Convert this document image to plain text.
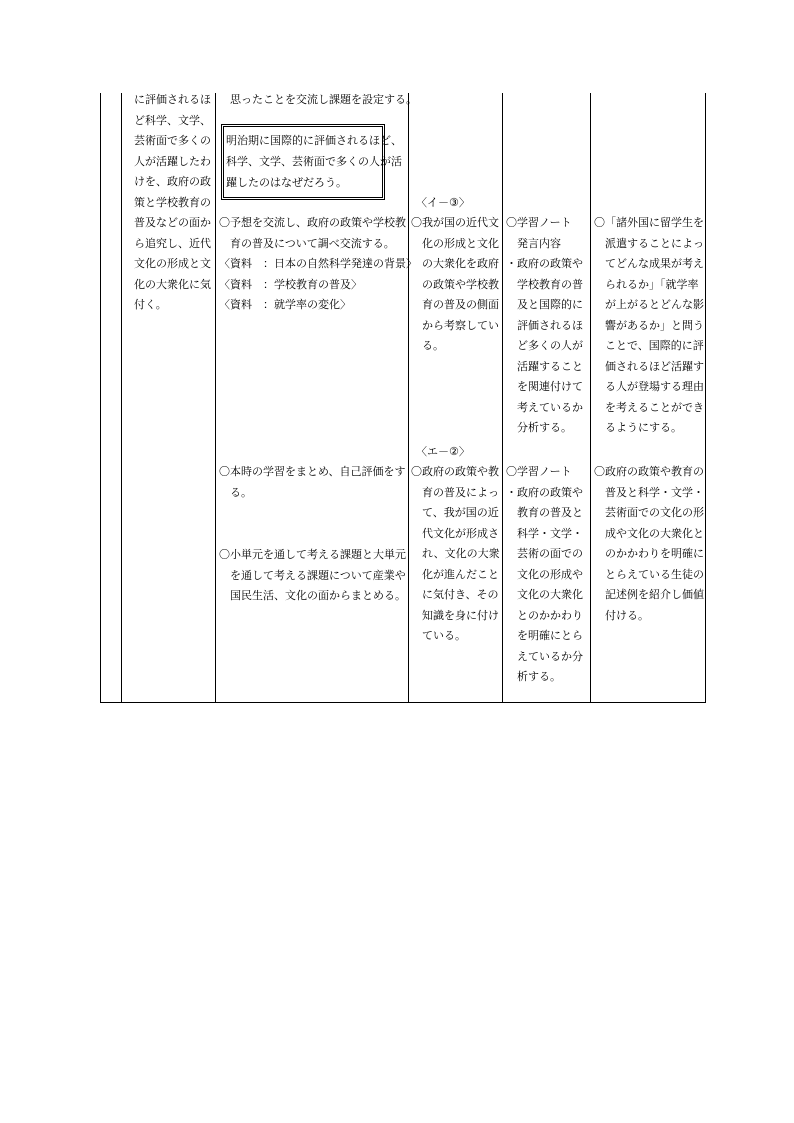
に評価されるほ

ど科学、文学、

芸術面で多くの

人が活躍したわ

けを、政府の政

策と学校教育の

普及などの面か

ら追究し、近代

文化の形成と文

化の大衆化に気

付く。

思ったことを交流し課題を設定する。

明治期に国際的に評価されるほど、

科学、文学、芸術面で多くの人が活

躍したのはなぜだろう。

〇予想を交流し、政府の政策や学校教

育の普及について調べ交流する。

〈資料　：日本の自然科学発達の背景〉

〈資料　：学校教育の普及〉

〈資料　：就学率の変化〉

〇本時の学習をまとめ、自己評価をす

る。

〇小単元を通して考える課題と大単元

を通して考える課題について産業や

国民生活、文化の面からまとめる。

〈イ－③〉

〇我が国の近代文

化の形成と文化

の大衆化を政府

の政策や学校教

育の普及の側面

から考察してい

る。

〈エ－②〉

〇政府の政策や教

育の普及によっ

て、我が国の近

代文化が形成さ

れ、文化の大衆

化が進んだこと

に気付き、その

知識を身に付け

ている。

〇学習ノート

発言内容

・政府の政策や

学校教育の普

及と国際的に

評価されるほ

ど多くの人が

活躍すること

を関連付けて

考えているか

分析する。

〇学習ノート

・政府の政策や

教育の普及と

科学・文学・

芸術の面での

文化の形成や

文化の大衆化

とのかかわり

を明確にとら

えているか分

析する。

〇「諸外国に留学生を

派遣することによっ

てどんな成果が考え

られるか」「就学率

が上がるとどんな影

響があるか」と問う

ことで、国際的に評

価されるほど活躍す

る人が登場する理由

を考えることができ

るようにする。

〇政府の政策や教育の

普及と科学・文学・

芸術面での文化の形

成や文化の大衆化と

のかかわりを明確に

とらえている生徒の

記述例を紹介し価値

付ける。
